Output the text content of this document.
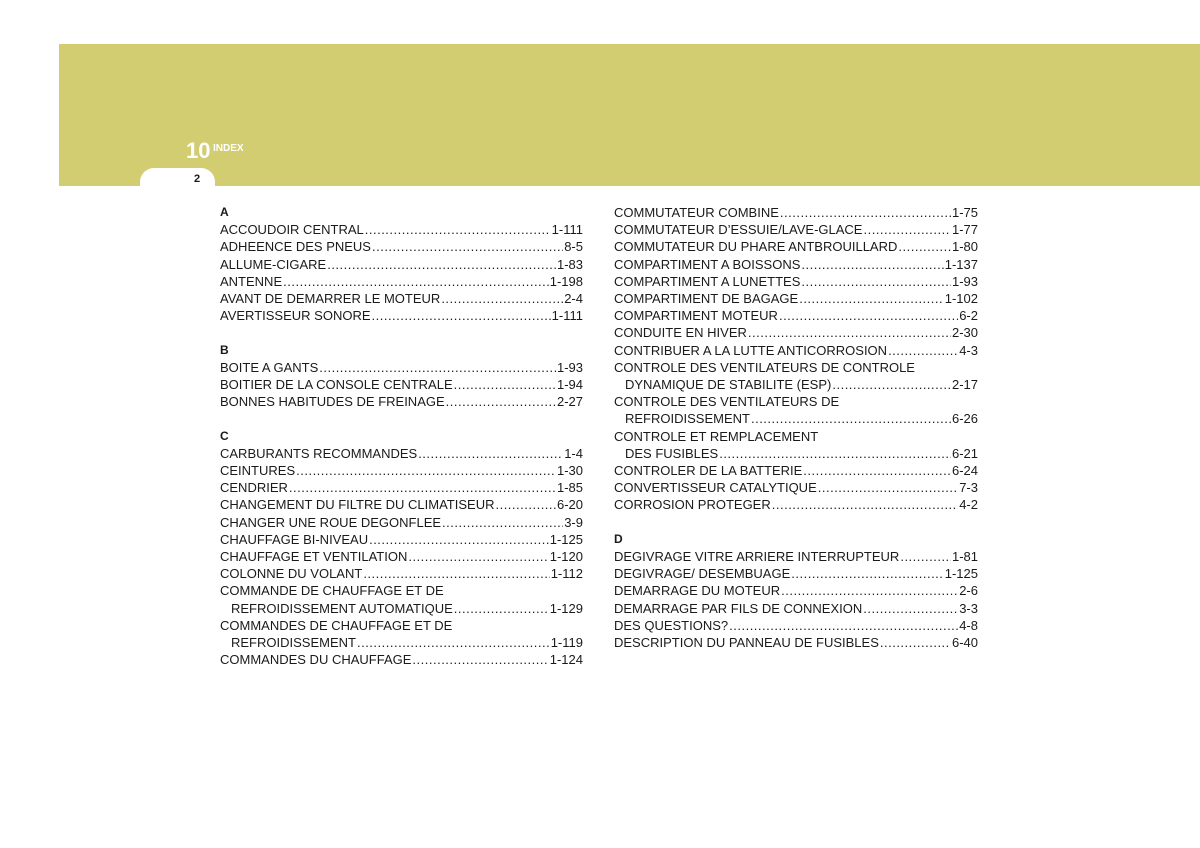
10 INDEX
2
A
ACCOUDOIR CENTRAL .....	1-111
ADHEENCE DES PNEUS .....	8-5
ALLUME-CIGARE .....	1-83
ANTENNE .....	1-198
AVANT DE DEMARRER LE MOTEUR .....	2-4
AVERTISSEUR SONORE .....	1-111
B
BOITE A GANTS .....	1-93
BOITIER DE LA CONSOLE CENTRALE .....	1-94
BONNES HABITUDES DE FREINAGE .....	2-27
C
CARBURANTS RECOMMANDES .....	1-4
CEINTURES .....	1-30
CENDRIER .....	1-85
CHANGEMENT DU FILTRE DU CLIMATISEUR .....	6-20
CHANGER UNE ROUE DEGONFLEE .....	3-9
CHAUFFAGE BI-NIVEAU .....	1-125
CHAUFFAGE ET VENTILATION .....	1-120
COLONNE DU VOLANT .....	1-112
COMMANDE DE CHAUFFAGE ET DE
REFROIDISSEMENT AUTOMATIQUE .....	1-129
COMMANDES DE CHAUFFAGE ET DE
REFROIDISSEMENT .....	1-119
COMMANDES DU CHAUFFAGE .....	1-124
COMMUTATEUR COMBINE .....	1-75
COMMUTATEUR D’ESSUIE/LAVE-GLACE .....	1-77
COMMUTATEUR DU PHARE ANTBROUILLARD .....	1-80
COMPARTIMENT A BOISSONS .....	1-137
COMPARTIMENT A LUNETTES .....	1-93
COMPARTIMENT DE BAGAGE .....	1-102
COMPARTIMENT MOTEUR .....	6-2
CONDUITE EN HIVER .....	2-30
CONTRIBUER A LA LUTTE ANTICORROSION .....	4-3
CONTROLE DES VENTILATEURS DE CONTROLE
DYNAMIQUE DE STABILITE (ESP) .....	2-17
CONTROLE DES VENTILATEURS DE
REFROIDISSEMENT .....	6-26
CONTROLE ET REMPLACEMENT
DES FUSIBLES .....	6-21
CONTROLER DE LA BATTERIE .....	6-24
CONVERTISSEUR CATALYTIQUE .....	7-3
CORROSION PROTEGER .....	4-2
D
DEGIVRAGE VITRE ARRIERE INTERRUPTEUR .....	1-81
DEGIVRAGE/ DESEMBUAGE .....	1-125
DEMARRAGE DU MOTEUR .....	2-6
DEMARRAGE PAR FILS DE CONNEXION .....	3-3
DES QUESTIONS? .....	4-8
DESCRIPTION DU PANNEAU DE FUSIBLES .....	6-40
